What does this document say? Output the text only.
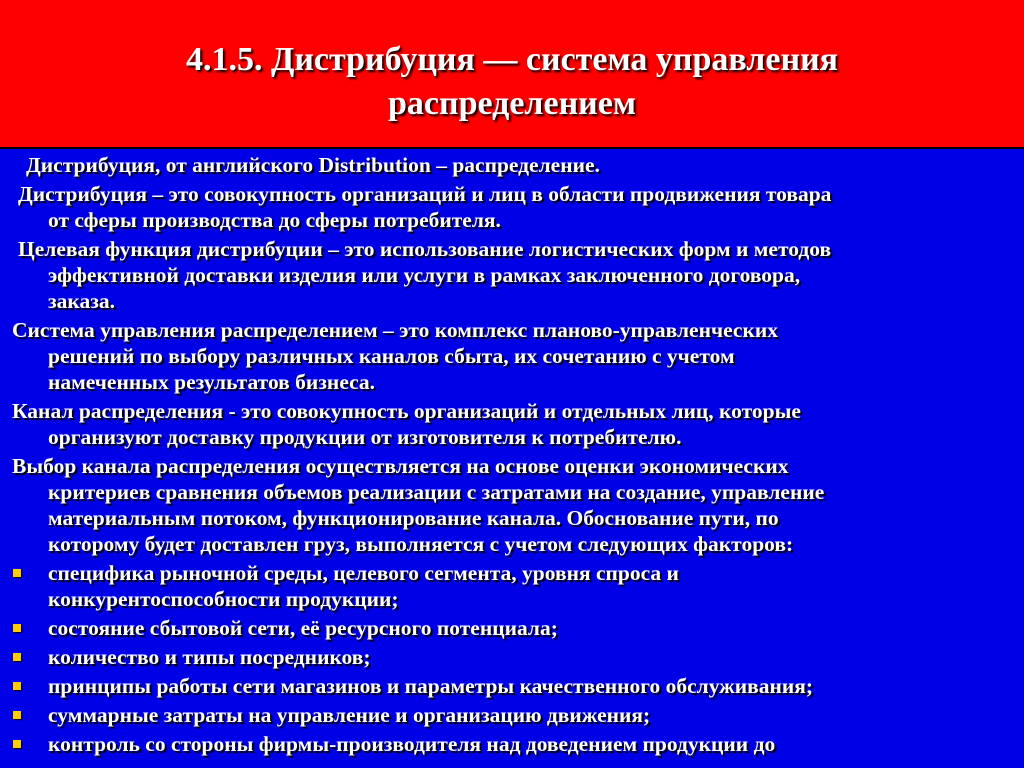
4.1.5. Дистрибуция — система управления
распределением
Дистрибуция, от английского Distribution – распределение.
Дистрибуция – это совокупность организаций и лиц в области продвижения товара
от сферы производства до сферы потребителя.
Целевая функция дистрибуции – это использование логистических форм и методов
эффективной доставки изделия или услуги в рамках заключенного договора,
заказа.
Система управления распределением – это комплекс планово-управленческих
решений по выбору различных каналов сбыта, их сочетанию с учетом
намеченных результатов бизнеса.
Канал распределения - это совокупность организаций и отдельных лиц, которые
организуют доставку продукции от изготовителя к потребителю.
Выбор канала распределения осуществляется на основе оценки экономических
критериев сравнения объемов реализации с затратами на создание, управление
материальным потоком, функционирование канала. Обоснование пути, по
которому будет доставлен груз, выполняется с учетом следующих факторов:
специфика рыночной среды, целевого сегмента, уровня спроса и
конкурентоспособности продукции;
состояние сбытовой сети, её ресурсного потенциала;
количество и типы посредников;
принципы работы сети магазинов и параметры качественного обслуживания;
суммарные затраты на управление и организацию движения;
контроль со стороны фирмы-производителя над доведением продукции до
